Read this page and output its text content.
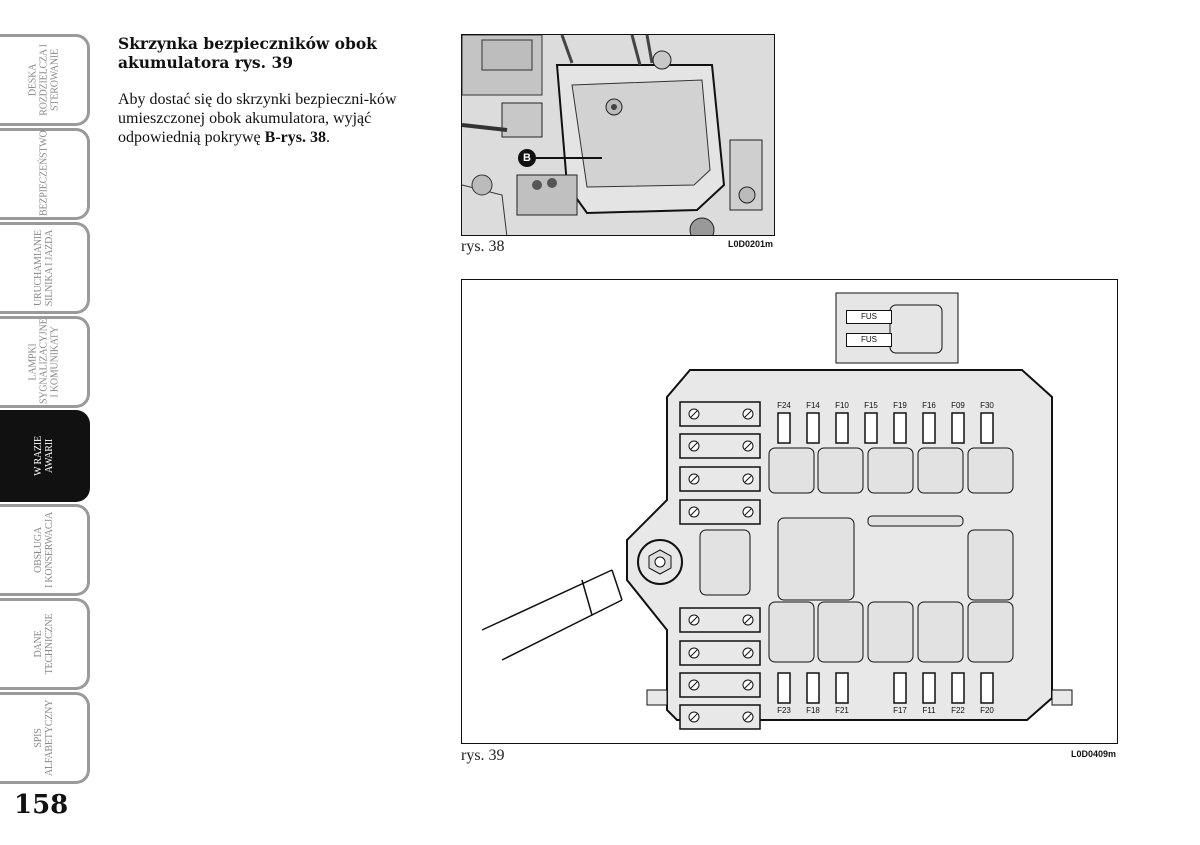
DESKA
ROZDZIELCZA I
STEROWANIE
BEZPIECZEŃSTWO
URUCHAMIANIE
SILNIKA I JAZDA
LAMPKI
SYGNALIZACYJNE
I KOMUNIKATY
W RAZIE
AWARII
OBSŁUGA
I KONSERWACJA
DANE
TECHNICZNE
SPIS
ALFABETYCZNY
158
Skrzynka bezpieczników obok akumulatora rys. 39
Aby dostać się do skrzynki bezpieczni-ków umieszczonej obok akumulatora, wyjąć odpowiednią pokrywę B-rys. 38.
B
rys. 38	L0D0201m
FUS
FUS
F24	F14	F10	F15	F19	F16	F09	F30
F23	F18	F21	F17	F11	F22	F20
rys. 39	L0D0409m
